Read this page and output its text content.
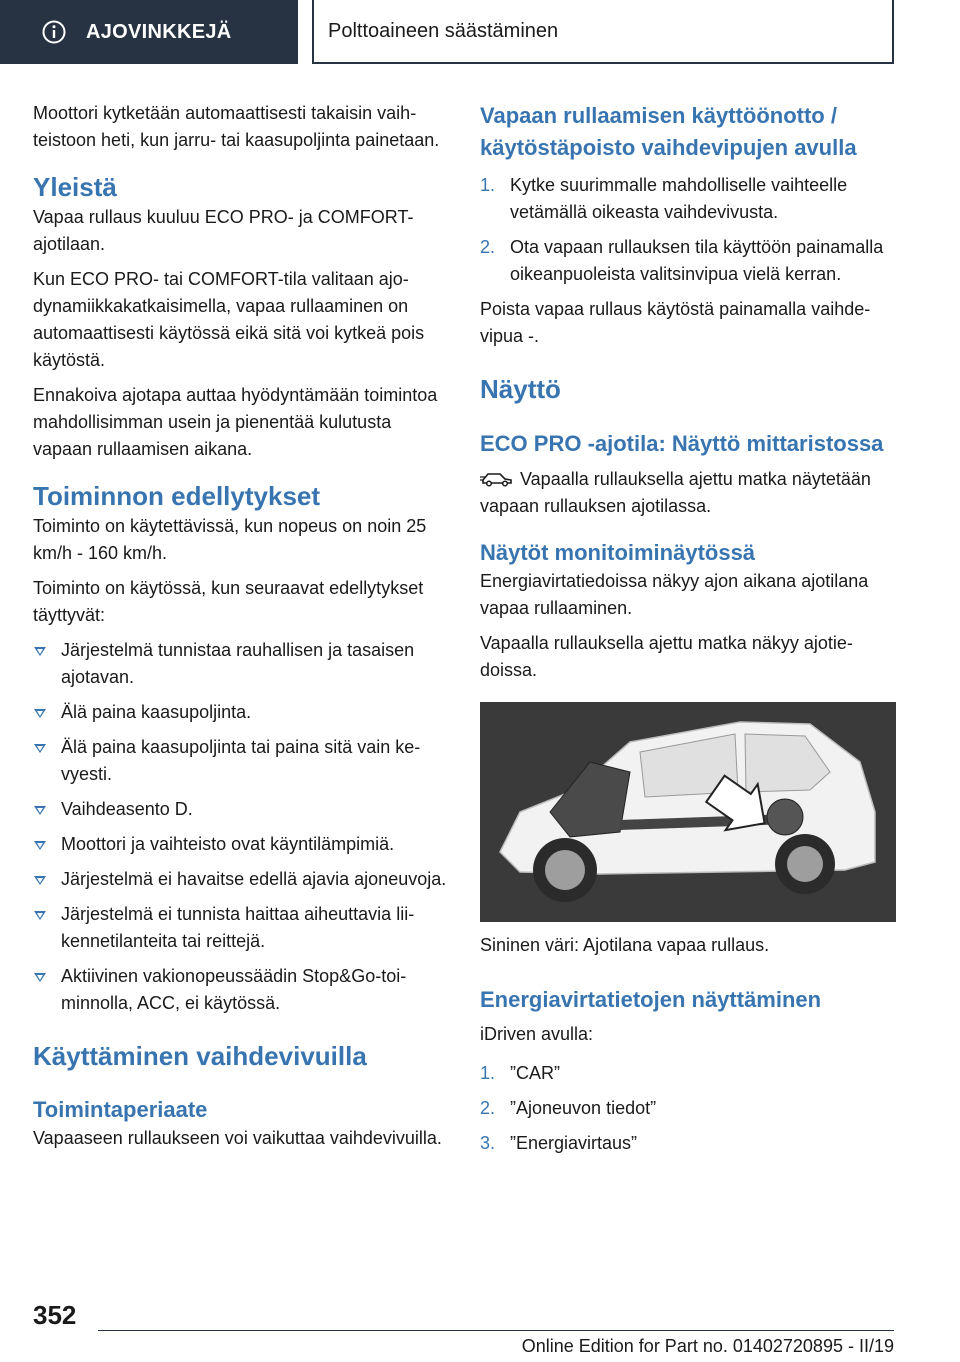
AJOVINKKEJÄ	Polttoaineen säästäminen

Moottori kytketään automaattisesti takaisin vaihteistoon heti, kun jarru- tai kaasupoljinta painetaan.

Yleistä

Vapaa rullaus kuuluu ECO PRO- ja COMFORT-ajotilaan.

Kun ECO PRO- tai COMFORT-tila valitaan ajodynamiikkakatkaisimella, vapaa rullaaminen on automaattisesti käytössä eikä sitä voi kytkeä pois käytöstä.

Ennakoiva ajotapa auttaa hyödyntämään toimintoa mahdollisimman usein ja pienentää kulutusta vapaan rullaamisen aikana.

Toiminnon edellytykset

Toiminto on käytettävissä, kun nopeus on noin 25 km/h - 160 km/h.

Toiminto on käytössä, kun seuraavat edellytykset täyttyvät:

Järjestelmä tunnistaa rauhallisen ja tasaisen ajotavan.
Älä paina kaasupoljinta.
Älä paina kaasupoljinta tai paina sitä vain kevyesti.
Vaihdeasento D.
Moottori ja vaihteisto ovat käyntilämpimiä.
Järjestelmä ei havaitse edellä ajavia ajoneuvoja.
Järjestelmä ei tunnista haittaa aiheuttavia liikennetilanteita tai reittejä.
Aktiivinen vakionopeussäädin Stop&Go-toiminnolla, ACC, ei käytössä.
Käyttäminen vaihdevivuilla
Toimintaperiaate

Vapaaseen rullaukseen voi vaikuttaa vaihdevivuilla.

Vapaan rullaamisen käyttöönotto / käytöstäpoisto vaihdevipujen avulla
1. Kytke suurimmalle mahdolliselle vaihteelle vetämällä oikeasta vaihdevivusta.
2. Ota vapaan rullauksen tila käyttöön painamalla oikeanpuoleista valitsinvipua vielä kerran.

Poista vapaa rullaus käytöstä painamalla vaihdevipua -.

Näyttö
ECO PRO -ajotila: Näyttö mittaristossa

Vapaalla rullauksella ajettu matka näytetään vapaan rullauksen ajotilassa.

Näytöt monitoiminäytössä

Energiavirtatiedoissa näkyy ajon aikana ajotilana vapaa rullaaminen.

Vapaalla rullauksella ajettu matka näkyy ajotiedoissa.

Sininen väri: Ajotilana vapaa rullaus.

Energiavirtatietojen näyttäminen

iDriven avulla:

1. ”CAR”
2. ”Ajoneuvon tiedot”
3. ”Energiavirtaus”
352
Online Edition for Part no. 01402720895 - II/19
